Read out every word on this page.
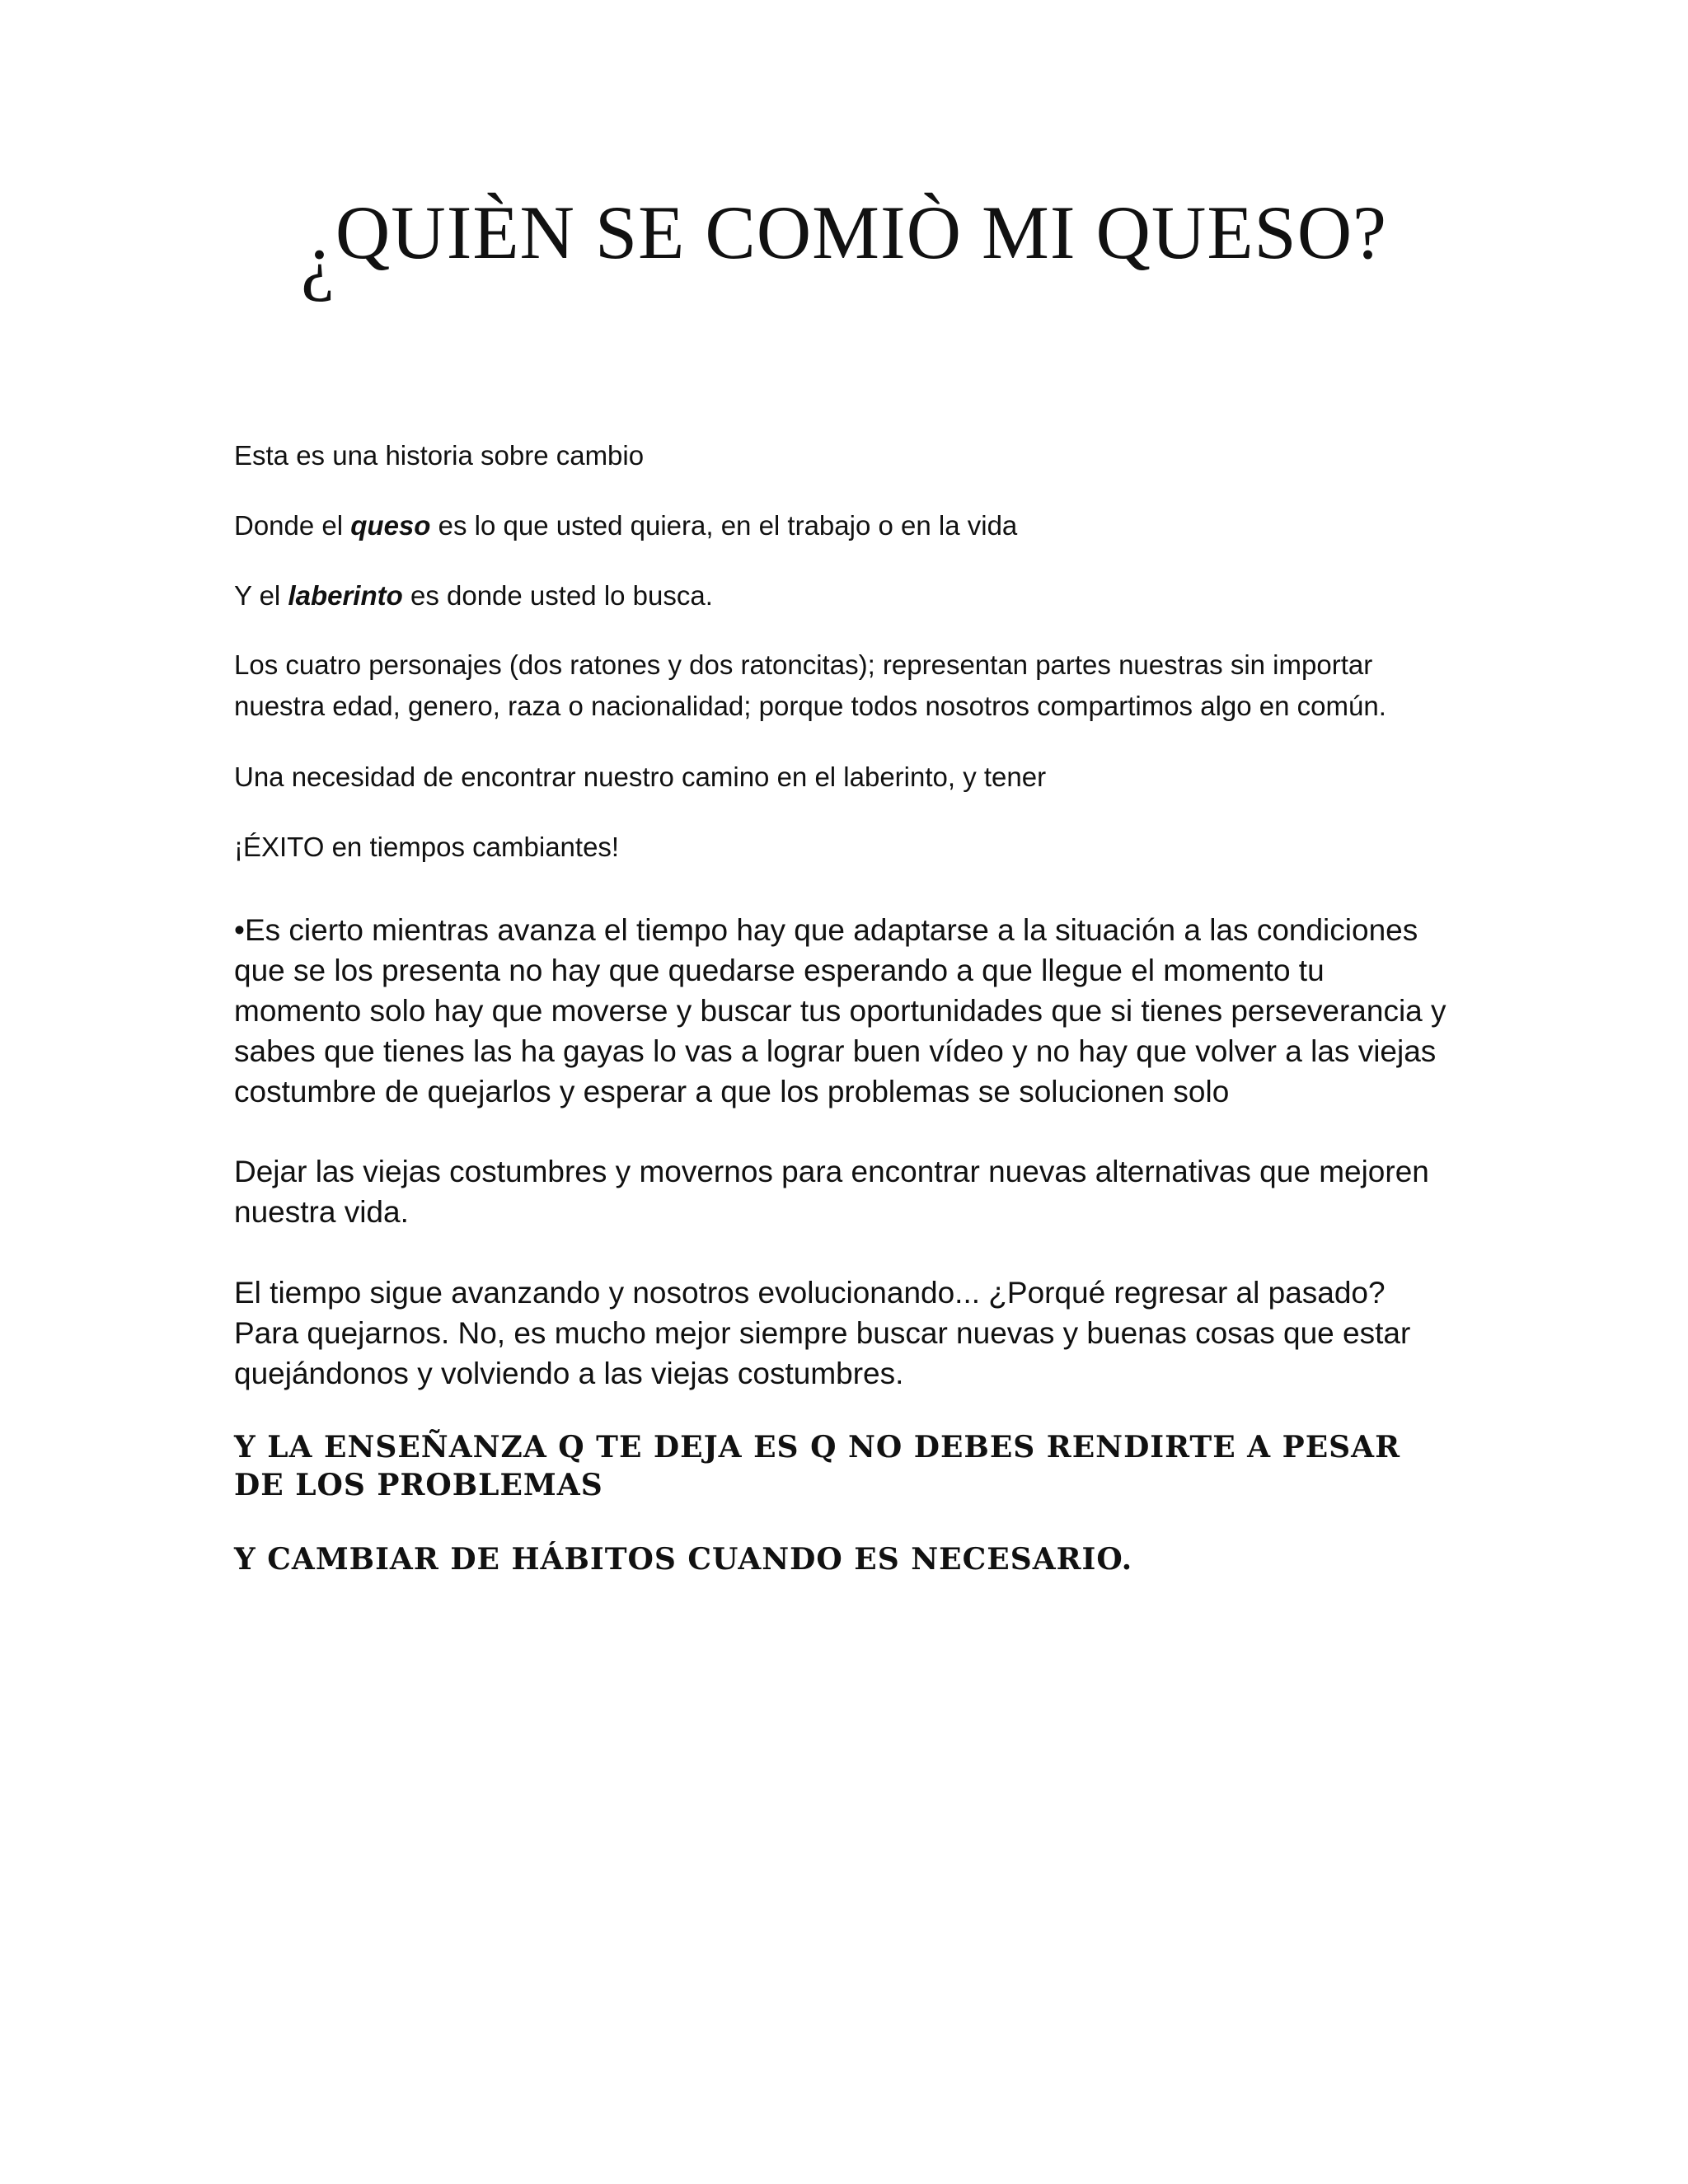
¿QUIÈN SE COMIÒ MI QUESO?

Esta es una historia sobre cambio

Donde el queso es lo que usted quiera, en el trabajo o en la vida

Y el laberinto es donde usted lo busca.

Los cuatro personajes (dos ratones y dos ratoncitas); representan partes nuestras sin importar nuestra edad, genero, raza o nacionalidad; porque todos nosotros compartimos algo en común.

Una necesidad de encontrar nuestro camino en el laberinto, y tener

¡ÉXITO en tiempos cambiantes!

•Es cierto mientras avanza el tiempo hay que adaptarse a la situación a las condiciones que se los presenta no hay que quedarse esperando a que llegue el momento tu momento solo hay que moverse y buscar tus oportunidades que si tienes perseverancia y sabes que tienes las ha gayas lo vas a lograr buen vídeo y no hay que volver a las viejas costumbre de quejarlos y esperar a que los problemas se solucionen solo

Dejar las viejas costumbres y movernos para encontrar nuevas alternativas que mejoren nuestra vida.

El tiempo sigue avanzando y nosotros evolucionando... ¿Porqué regresar al pasado? Para quejarnos. No, es mucho mejor siempre buscar nuevas y buenas cosas que estar quejándonos y volviendo a las viejas costumbres.

Y LA ENSEÑANZA Q TE DEJA ES Q NO DEBES RENDIRTE A PESAR DE LOS PROBLEMAS

Y CAMBIAR DE HÁBITOS CUANDO ES NECESARIO.
